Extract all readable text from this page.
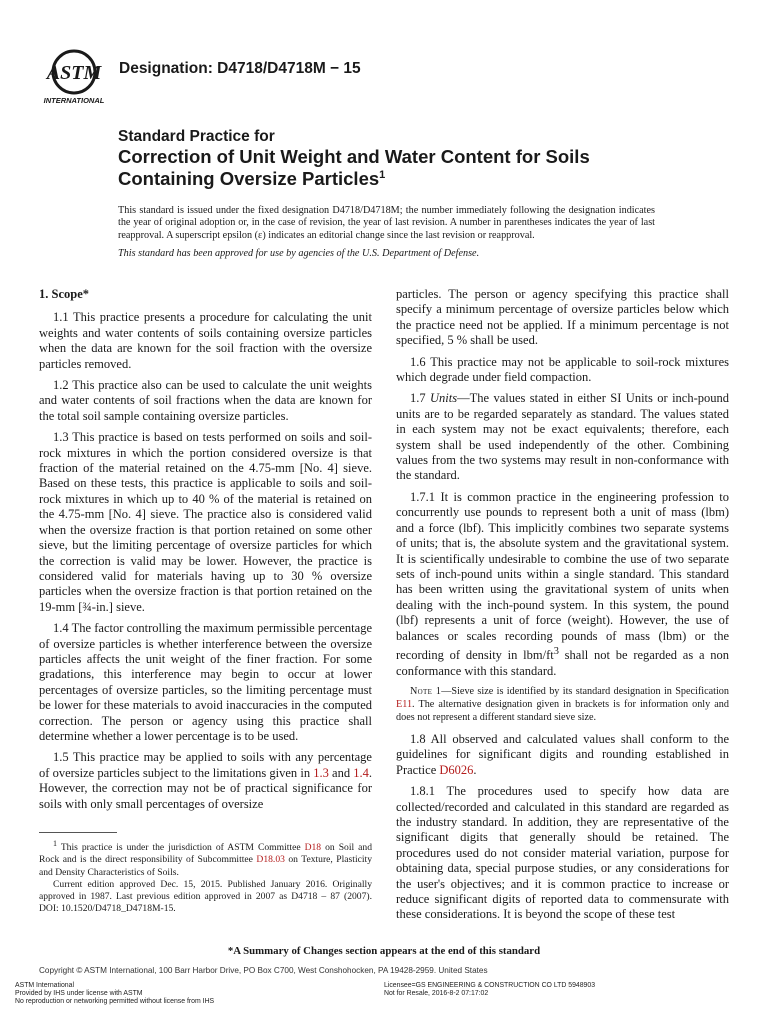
ASTM
INTERNATIONAL
Designation: D4718/D4718M − 15
Standard Practice for
Correction of Unit Weight and Water Content for Soils
Containing Oversize Particles$^1$

This standard is issued under the fixed designation D4718/D4718M; the number immediately following the designation indicates the year of original adoption or, in the case of revision, the year of last revision. A number in parentheses indicates the year of last reapproval. A superscript epsilon (ε) indicates an editorial change since the last revision or reapproval.

This standard has been approved for use by agencies of the U.S. Department of Defense.

1. Scope*

1.1 This practice presents a procedure for calculating the unit weights and water contents of soils containing oversize particles when the data are known for the soil fraction with the oversize particles removed.

1.2 This practice also can be used to calculate the unit weights and water contents of soil fractions when the data are known for the total soil sample containing oversize particles.

1.3 This practice is based on tests performed on soils and soil-rock mixtures in which the portion considered oversize is that fraction of the material retained on the 4.75-mm [No. 4] sieve. Based on these tests, this practice is applicable to soils and soil-rock mixtures in which up to 40 % of the material is retained on the 4.75-mm [No. 4] sieve. The practice also is considered valid when the oversize fraction is that portion retained on some other sieve, but the limiting percentage of oversize particles for which the correction is valid may be lower. However, the practice is considered valid for materials having up to 30 % oversize particles when the oversize fraction is that portion retained on the 19-mm [¾-in.] sieve.

1.4 The factor controlling the maximum permissible percentage of oversize particles is whether interference between the oversize particles affects the unit weight of the finer fraction. For some gradations, this interference may begin to occur at lower percentages of oversize particles, so the limiting percentage must be lower for these materials to avoid inaccuracies in the computed correction. The person or agency using this practice shall determine whether a lower percentage is to be used.

1.5 This practice may be applied to soils with any percentage of oversize particles subject to the limitations given in 1.3 and 1.4. However, the correction may not be of practical significance for soils with only small percentages of oversize

particles. The person or agency specifying this practice shall specify a minimum percentage of oversize particles below which the practice need not be applied. If a minimum percentage is not specified, 5 % shall be used.

1.6 This practice may not be applicable to soil-rock mixtures which degrade under field compaction.

1.7 Units—The values stated in either SI Units or inch-pound units are to be regarded separately as standard. The values stated in each system may not be exact equivalents; therefore, each system shall be used independently of the other. Combining values from the two systems may result in non-conformance with the standard.

1.7.1 It is common practice in the engineering profession to concurrently use pounds to represent both a unit of mass (lbm) and a force (lbf). This implicitly combines two separate systems of units; that is, the absolute system and the gravitational system. It is scientifically undesirable to combine the use of two separate sets of inch-pound units within a single standard. This standard has been written using the gravitational system of units when dealing with the inch-pound system. In this system, the pound (lbf) represents a unit of force (weight). However, the use of balances or scales recording pounds of mass (lbm) or the recording of density in lbm/$ft^3$ shall not be regarded as a non conformance with this standard.

Note 1—Sieve size is identified by its standard designation in Specification E11. The alternative designation given in brackets is for information only and does not represent a different standard sieve size.

1.8 All observed and calculated values shall conform to the guidelines for significant digits and rounding established in Practice D6026.

1.8.1 The procedures used to specify how data are collected/recorded and calculated in this standard are regarded as the industry standard. In addition, they are representative of the significant digits that generally should be retained. The procedures used do not consider material variation, purpose for obtaining data, special purpose studies, or any considerations for the user's objectives; and it is common practice to increase or reduce significant digits of reported data to commensurate with these considerations. It is beyond the scope of these test

$^1$ This practice is under the jurisdiction of ASTM Committee D18 on Soil and Rock and is the direct responsibility of Subcommittee D18.03 on Texture, Plasticity and Density Characteristics of Soils.

Current edition approved Dec. 15, 2015. Published January 2016. Originally approved in 1987. Last previous edition approved in 2007 as D4718 – 87 (2007). DOI: 10.1520/D4718_D4718M-15.

*A Summary of Changes section appears at the end of this standard
Copyright © ASTM International, 100 Barr Harbor Drive, PO Box C700, West Conshohocken, PA 19428-2959. United States
ASTM International
Provided by IHS under license with ASTM
No reproduction or networking permitted without license from IHS
Licensee=GS ENGINEERING & CONSTRUCTION CO LTD 5948903
Not for Resale, 2016-8-2 07:17:02
